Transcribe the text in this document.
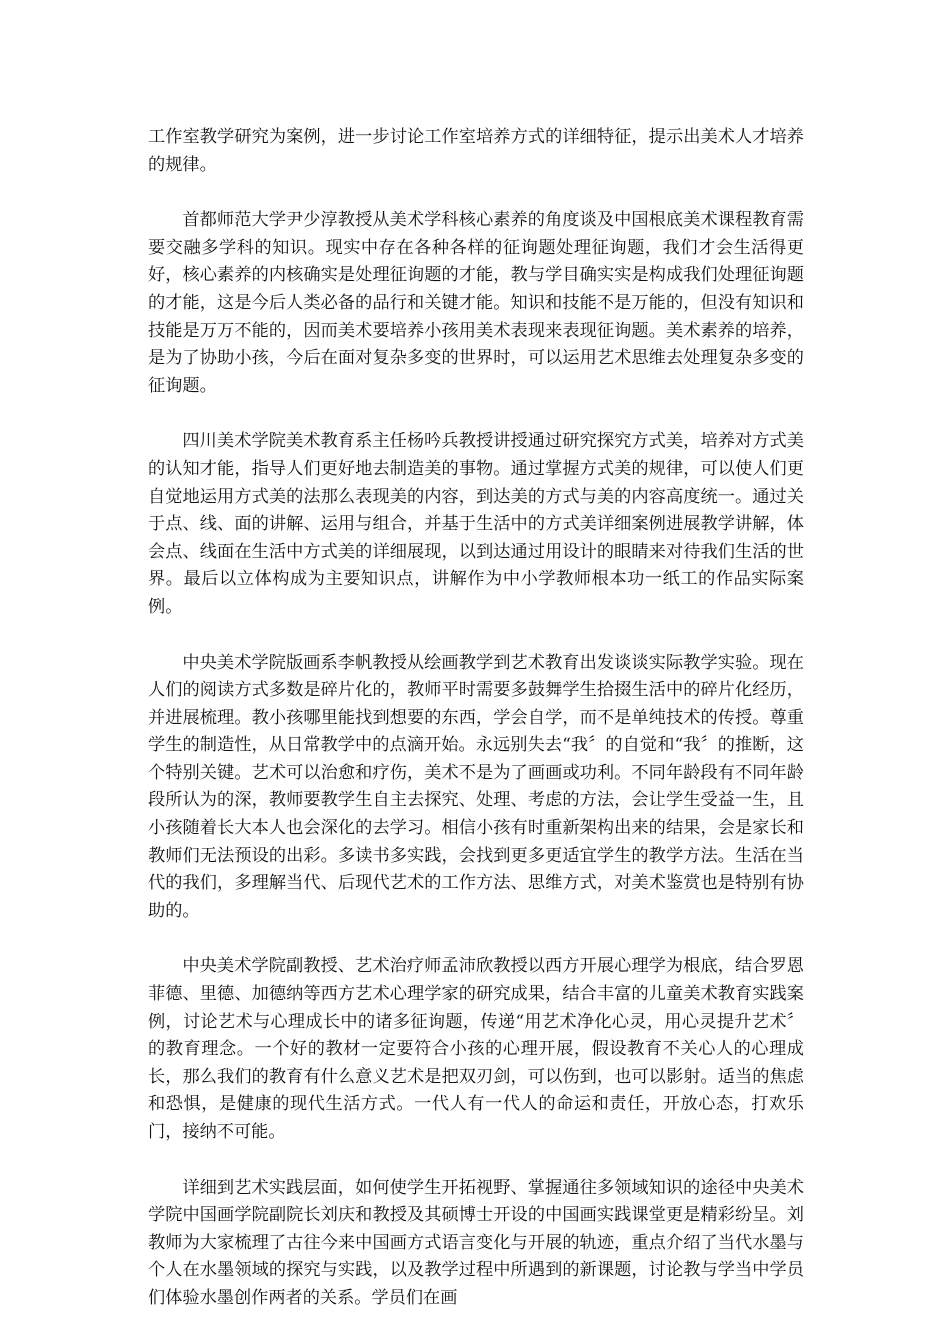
工作室教学研究为案例，进一步讨论工作室培养方式的详细特征，提示出美术人才培养的规律。

首都师范大学尹少淳教授从美术学科核心素养的角度谈及中国根底美术课程教育需要交融多学科的知识。现实中存在各种各样的征询题处理征询题，我们才会生活得更好，核心素养的内核确实是处理征询题的才能，教与学目确实实是构成我们处理征询题的才能，这是今后人类必备的品行和关键才能。知识和技能不是万能的，但没有知识和技能是万万不能的，因而美术要培养小孩用美术表现来表现征询题。美术素养的培养，是为了协助小孩，今后在面对复杂多变的世界时，可以运用艺术思维去处理复杂多变的征询题。

四川美术学院美术教育系主任杨吟兵教授讲授通过研究探究方式美，培养对方式美的认知才能，指导人们更好地去制造美的事物。通过掌握方式美的规律，可以使人们更自觉地运用方式美的法那么表现美的内容，到达美的方式与美的内容高度统一。通过关于点、线、面的讲解、运用与组合，并基于生活中的方式美详细案例进展教学讲解，体会点、线面在生活中方式美的详细展现，以到达通过用设计的眼睛来对待我们生活的世界。最后以立体构成为主要知识点，讲解作为中小学教师根本功一纸工的作品实际案例。

中央美术学院版画系李帆教授从绘画教学到艺术教育出发谈谈实际教学实验。现在人们的阅读方式多数是碎片化的，教师平时需要多鼓舞学生拾掇生活中的碎片化经历，并进展梳理。教小孩哪里能找到想要的东西，学会自学，而不是单纯技术的传授。尊重学生的制造性，从日常教学中的点滴开始。永远别失去“我〞的自觉和“我〞的推断，这个特别关键。艺术可以治愈和疗伤，美术不是为了画画或功利。不同年龄段有不同年龄段所认为的深，教师要教学生自主去探究、处理、考虑的方法，会让学生受益一生，且小孩随着长大本人也会深化的去学习。相信小孩有时重新架构出来的结果，会是家长和教师们无法预设的出彩。多读书多实践，会找到更多更适宜学生的教学方法。生活在当代的我们，多理解当代、后现代艺术的工作方法、思维方式，对美术鉴赏也是特别有协助的。

中央美术学院副教授、艺术治疗师孟沛欣教授以西方开展心理学为根底，结合罗恩菲德、里德、加德纳等西方艺术心理学家的研究成果，结合丰富的儿童美术教育实践案例，讨论艺术与心理成长中的诸多征询题，传递“用艺术净化心灵，用心灵提升艺术〞的教育理念。一个好的教材一定要符合小孩的心理开展，假设教育不关心人的心理成长，那么我们的教育有什么意义艺术是把双刃剑，可以伤到，也可以影射。适当的焦虑和恐惧，是健康的现代生活方式。一代人有一代人的命运和责任，开放心态，打欢乐门，接纳不可能。

详细到艺术实践层面，如何使学生开拓视野、掌握通往多领域知识的途径中央美术学院中国画学院副院长刘庆和教授及其硕博士开设的中国画实践课堂更是精彩纷呈。刘教师为大家梳理了古往今来中国画方式语言变化与开展的轨迹，重点介绍了当代水墨与个人在水墨领域的探究与实践，以及教学过程中所遇到的新课题，讨论教与学当中学员们体验水墨创作两者的关系。学员们在画
